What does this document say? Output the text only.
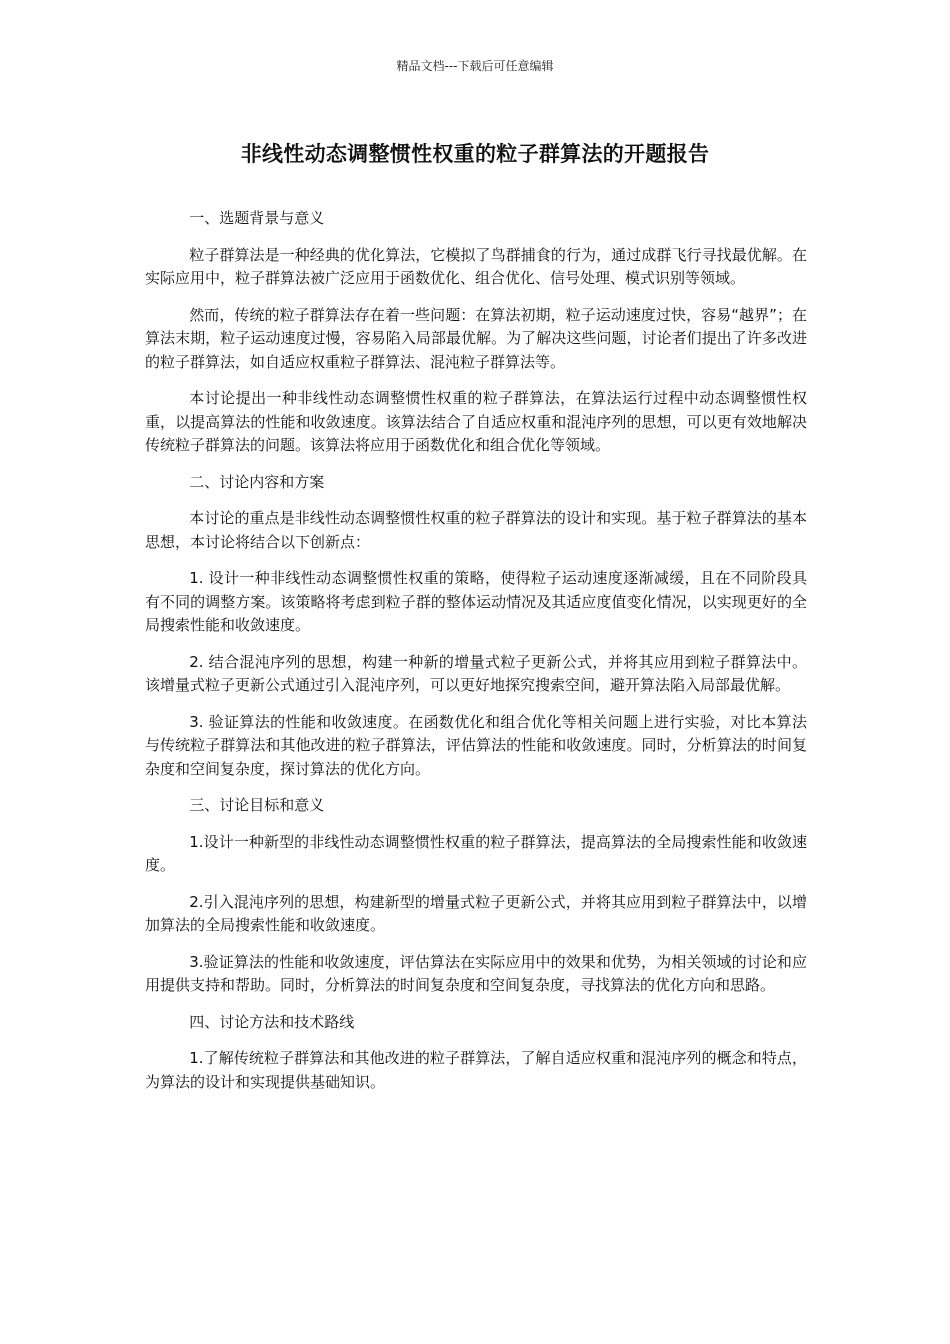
精品文档---下载后可任意编辑
非线性动态调整惯性权重的粒子群算法的开题报告
一、选题背景与意义

粒子群算法是一种经典的优化算法，它模拟了鸟群捕食的行为，通过成群飞行寻找最优解。在实际应用中，粒子群算法被广泛应用于函数优化、组合优化、信号处理、模式识别等领域。

然而，传统的粒子群算法存在着一些问题：在算法初期，粒子运动速度过快，容易“越界”；在算法末期，粒子运动速度过慢，容易陷入局部最优解。为了解决这些问题，讨论者们提出了许多改进的粒子群算法，如自适应权重粒子群算法、混沌粒子群算法等。

本讨论提出一种非线性动态调整惯性权重的粒子群算法，在算法运行过程中动态调整惯性权重，以提高算法的性能和收敛速度。该算法结合了自适应权重和混沌序列的思想，可以更有效地解决传统粒子群算法的问题。该算法将应用于函数优化和组合优化等领域。

二、讨论内容和方案

本讨论的重点是非线性动态调整惯性权重的粒子群算法的设计和实现。基于粒子群算法的基本思想，本讨论将结合以下创新点：

1. 设计一种非线性动态调整惯性权重的策略，使得粒子运动速度逐渐减缓，且在不同阶段具有不同的调整方案。该策略将考虑到粒子群的整体运动情况及其适应度值变化情况，以实现更好的全局搜索性能和收敛速度。

2. 结合混沌序列的思想，构建一种新的增量式粒子更新公式，并将其应用到粒子群算法中。该增量式粒子更新公式通过引入混沌序列，可以更好地探究搜索空间，避开算法陷入局部最优解。

3. 验证算法的性能和收敛速度。在函数优化和组合优化等相关问题上进行实验，对比本算法与传统粒子群算法和其他改进的粒子群算法，评估算法的性能和收敛速度。同时，分析算法的时间复杂度和空间复杂度，探讨算法的优化方向。

三、讨论目标和意义

1.设计一种新型的非线性动态调整惯性权重的粒子群算法，提高算法的全局搜索性能和收敛速度。

2.引入混沌序列的思想，构建新型的增量式粒子更新公式，并将其应用到粒子群算法中，以增加算法的全局搜索性能和收敛速度。

3.验证算法的性能和收敛速度，评估算法在实际应用中的效果和优势，为相关领域的讨论和应用提供支持和帮助。同时，分析算法的时间复杂度和空间复杂度，寻找算法的优化方向和思路。

四、讨论方法和技术路线

1.了解传统粒子群算法和其他改进的粒子群算法，了解自适应权重和混沌序列的概念和特点，为算法的设计和实现提供基础知识。
